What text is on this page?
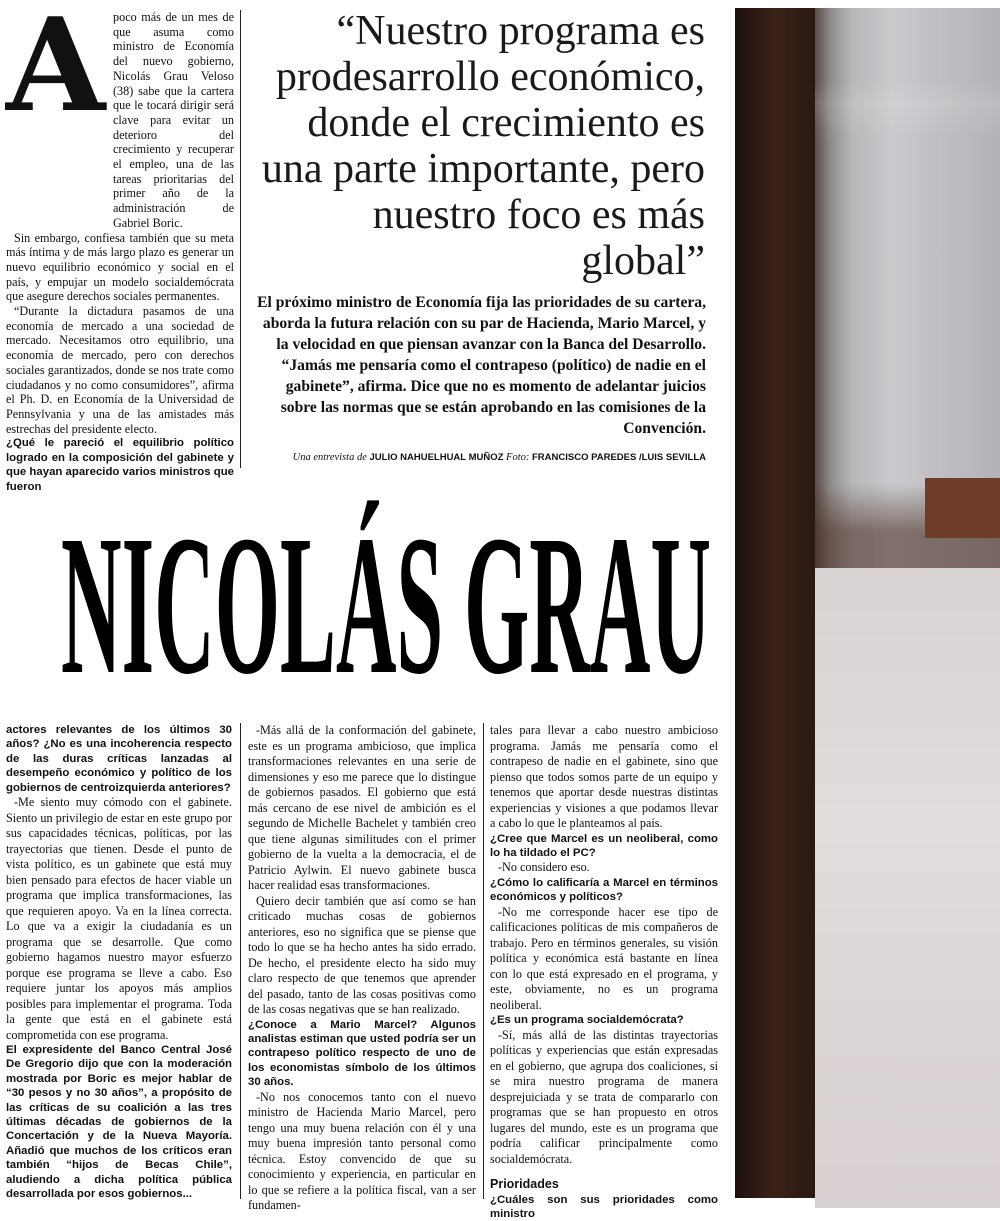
A poco más de un mes de que asuma como ministro de Economía del nuevo gobierno, Nicolás Grau Veloso (38) sabe que la cartera que le tocará dirigir será clave para evitar un deterioro del crecimiento y recuperar el empleo, una de las tareas prioritarias del primer año de la administración de Gabriel Boric.

Sin embargo, confiesa también que su meta más íntima y de más largo plazo es generar un nuevo equilibrio económico y social en el país, y empujar un modelo socialdemócrata que asegure derechos sociales permanentes.

“Durante la dictadura pasamos de una economía de mercado a una sociedad de mercado. Necesitamos otro equilibrio, una economía de mercado, pero con derechos sociales garantizados, donde se nos trate como ciudadanos y no como consumidores”, afirma el Ph. D. en Economía de la Universidad de Pennsylvania y una de las amistades más estrechas del presidente electo.

¿Qué le pareció el equilibrio político logrado en la composición del gabinete y que hayan aparecido varios ministros que fueron
“Nuestro programa es prodesarrollo económico, donde el crecimiento es una parte importante, pero nuestro foco es más global”
El próximo ministro de Economía fija las prioridades de su cartera, aborda la futura relación con su par de Hacienda, Mario Marcel, y la velocidad en que piensan avanzar con la Banca del Desarrollo. “Jamás me pensaría como el contrapeso (político) de nadie en el gabinete”, afirma. Dice que no es momento de adelantar juicios sobre las normas que se están aprobando en las comisiones de la Convención.
Una entrevista de JULIO NAHUELHUAL MUÑOZ Foto: FRANCISCO PAREDES /LUIS SEVILLA
NICOLÁS GRAU
actores relevantes de los últimos 30 años? ¿No es una incoherencia respecto de las duras críticas lanzadas al desempeño económico y político de los gobiernos de centroizquierda anteriores?

-Me siento muy cómodo con el gabinete. Siento un privilegio de estar en este grupo por sus capacidades técnicas, políticas, por las trayectorias que tienen. Desde el punto de vista político, es un gabinete que está muy bien pensado para efectos de hacer viable un programa que implica transformaciones, las que requieren apoyo. Va en la línea correcta. Lo que va a exigir la ciudadanía es un programa que se desarrolle. Que como gobierno hagamos nuestro mayor esfuerzo porque ese programa se lleve a cabo. Eso requiere juntar los apoyos más amplios posibles para implementar el programa. Toda la gente que está en el gabinete está comprometida con ese programa.

El expresidente del Banco Central José De Gregorio dijo que con la moderación mostrada por Boric es mejor hablar de “30 pesos y no 30 años”, a propósito de las críticas de su coalición a las tres últimas décadas de gobiernos de la Concertación y de la Nueva Mayoría. Añadió que muchos de los críticos eran también “hijos de Becas Chile”, aludiendo a dicha política pública desarrollada por esos gobiernos...

-Más allá de la conformación del gabinete, este es un programa ambicioso, que implica transformaciones relevantes en una serie de dimensiones y eso me parece que lo distingue de gobiernos pasados. El gobierno que está más cercano de ese nivel de ambición es el segundo de Michelle Bachelet y también creo que tiene algunas similitudes con el primer gobierno de la vuelta a la democracia, el de Patricio Aylwin. El nuevo gabinete busca hacer realidad esas transformaciones.

Quiero decir también que así como se han criticado muchas cosas de gobiernos anteriores, eso no significa que se piense que todo lo que se ha hecho antes ha sido errado. De hecho, el presidente electo ha sido muy claro respecto de que tenemos que aprender del pasado, tanto de las cosas positivas como de las cosas negativas que se han realizado.

¿Conoce a Mario Marcel? Algunos analistas estiman que usted podría ser un contrapeso político respecto de uno de los economistas símbolo de los últimos 30 años.

-No nos conocemos tanto con el nuevo ministro de Hacienda Mario Marcel, pero tengo una muy buena relación con él y una muy buena impresión tanto personal como técnica. Estoy convencido de que su conocimiento y experiencia, en particular en lo que se refiere a la política fiscal, van a ser fundamen-

tales para llevar a cabo nuestro ambicioso programa. Jamás me pensaría como el contrapeso de nadie en el gabinete, sino que pienso que todos somos parte de un equipo y tenemos que aportar desde nuestras distintas experiencias y visiones a que podamos llevar a cabo lo que le planteamos al país.

¿Cree que Marcel es un neoliberal, como lo ha tildado el PC?

-No considero eso.

¿Cómo lo calificaría a Marcel en términos económicos y políticos?

-No me corresponde hacer ese tipo de calificaciones políticas de mis compañeros de trabajo. Pero en términos generales, su visión política y económica está bastante en línea con lo que está expresado en el programa, y este, obviamente, no es un programa neoliberal.

¿Es un programa socialdemócrata?

-Sí, más allá de las distintas trayectorias políticas y experiencias que están expresadas en el gobierno, que agrupa dos coaliciones, si se mira nuestro programa de manera desprejuiciada y se trata de compararlo con programas que se han propuesto en otros lugares del mundo, este es un programa que podría calificar principalmente como socialdemócrata.

Prioridades
¿Cuáles son sus prioridades como ministro
